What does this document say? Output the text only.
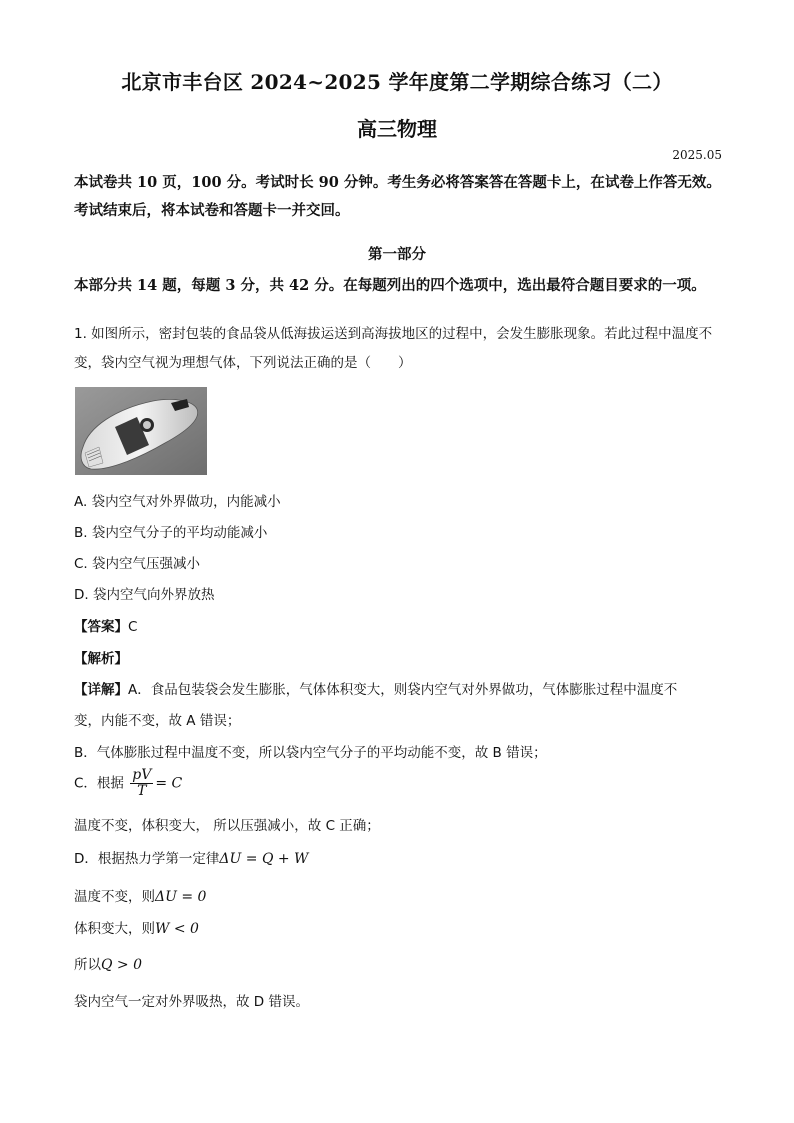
北京市丰台区 2024~2025 学年度第二学期综合练习（二）
高三物理
2025.05
本试卷共 10 页，100 分。考试时长 90 分钟。考生务必将答案答在答题卡上，在试卷上作答无效。考试结束后，将本试卷和答题卡一并交回。
第一部分
本部分共 14 题，每题 3 分，共 42 分。在每题列出的四个选项中，选出最符合题目要求的一项。
1. 如图所示，密封包装的食品袋从低海拔运送到高海拔地区的过程中，会发生膨胀现象。若此过程中温度不变，袋内空气视为理想气体，下列说法正确的是（　　）
A. 袋内空气对外界做功，内能减小
B. 袋内空气分子的平均动能减小
C. 袋内空气压强减小
D. 袋内空气向外界放热
【答案】C
【解析】
【详解】A．食品包装袋会发生膨胀，气体体积变大，则袋内空气对外界做功，气体膨胀过程中温度不
变，内能不变，故 A 错误；
B．气体膨胀过程中温度不变，所以袋内空气分子的平均动能不变，故 B 错误；
C．根据 $\frac{pV}{T} = C$
温度不变，体积变大， 所以压强减小，故 C 正确；
D．根据热力学第一定律ΔU = Q + W
温度不变，则ΔU = 0
体积变大，则W < 0
所以Q > 0
袋内空气一定对外界吸热，故 D 错误。
